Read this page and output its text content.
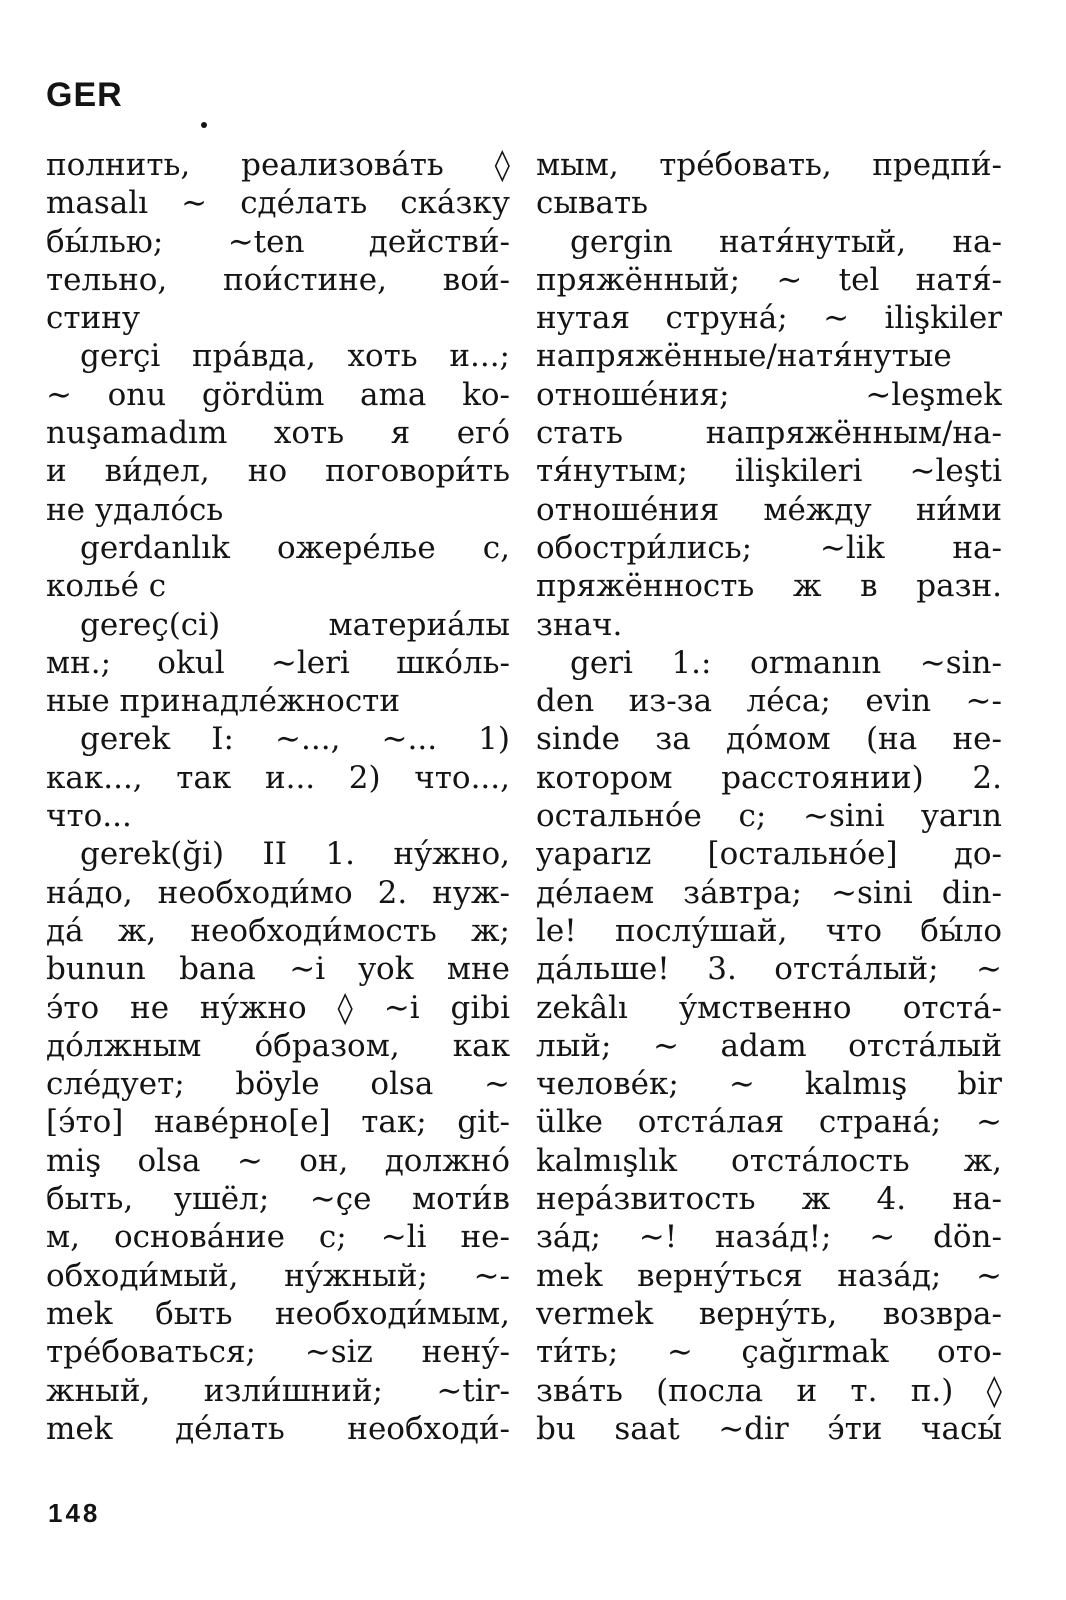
GER
полнить, реализова́ть ◊
masalı ∼ сде́лать ска́зку
бы́лью; ∼ten действи́-
тельно, пои́стине, вои́-
стину
gerçi пра́вда, хоть и...;
∼ onu gördüm ama ko-
nuşamadım хоть я его́
и ви́дел, но поговори́ть
не удало́сь
gerdanlık ожере́лье с,
колье́ с
gereç(ci) материа́лы
мн.; okul ∼leri шко́ль-
ные принадле́жности
gerek I: ∼..., ∼... 1)
как..., так и... 2) что...,
что...
gerek(ği) II 1. ну́жно,
на́до, необходи́мо 2. нуж-
да́ ж, необходи́мость ж;
bunun bana ∼i yok мне
э́то не ну́жно ◊ ∼i gibi
до́лжным о́бразом, как
сле́дует; böyle olsa ∼
[э́то] наве́рно[е] так; git-
miş olsa ∼ он, должно́
быть, ушёл; ∼çe моти́в
м, основа́ние с; ∼li не-
обходи́мый, ну́жный; ∼-
mek быть необходи́мым,
тре́боваться; ∼siz нену́-
жный, изли́шний; ∼tir-
mek де́лать необходи́-
мым, тре́бовать, предпи́-
сывать
gergin натя́нутый, на-
пряжённый; ∼ tel натя́-
нутая струна́; ∼ ilişkiler
напряжённые/натя́нутые
отноше́ния; ∼leşmek
стать напряжённым/на-
тя́нутым; ilişkileri ∼leşti
отноше́ния ме́жду ни́ми
обостри́лись; ∼lik на-
пряжённость ж в разн.
знач.
geri 1.: ormanın ∼sin-
den из-за ле́са; evin ∼-
sinde за до́мом (на не-
котором расстоянии) 2.
остально́е с; ∼sini yarın
yaparız [остально́е] до-
де́лаем за́втра; ∼sini din-
le! послу́шай, что бы́ло
да́льше! 3. отста́лый; ∼
zekâlı у́мственно отста́-
лый; ∼ adam отста́лый
челове́к; ∼ kalmış bir
ülke отста́лая страна́; ∼
kalmışlık отста́лость ж,
нера́звитость ж 4. на-
за́д; ∼! наза́д!; ∼ dön-
mek верну́ться наза́д; ∼
vermek верну́ть, возвра-
ти́ть; ∼ çağırmak ото-
зва́ть (посла и т. п.) ◊
bu saat ∼dir э́ти часы́
148
